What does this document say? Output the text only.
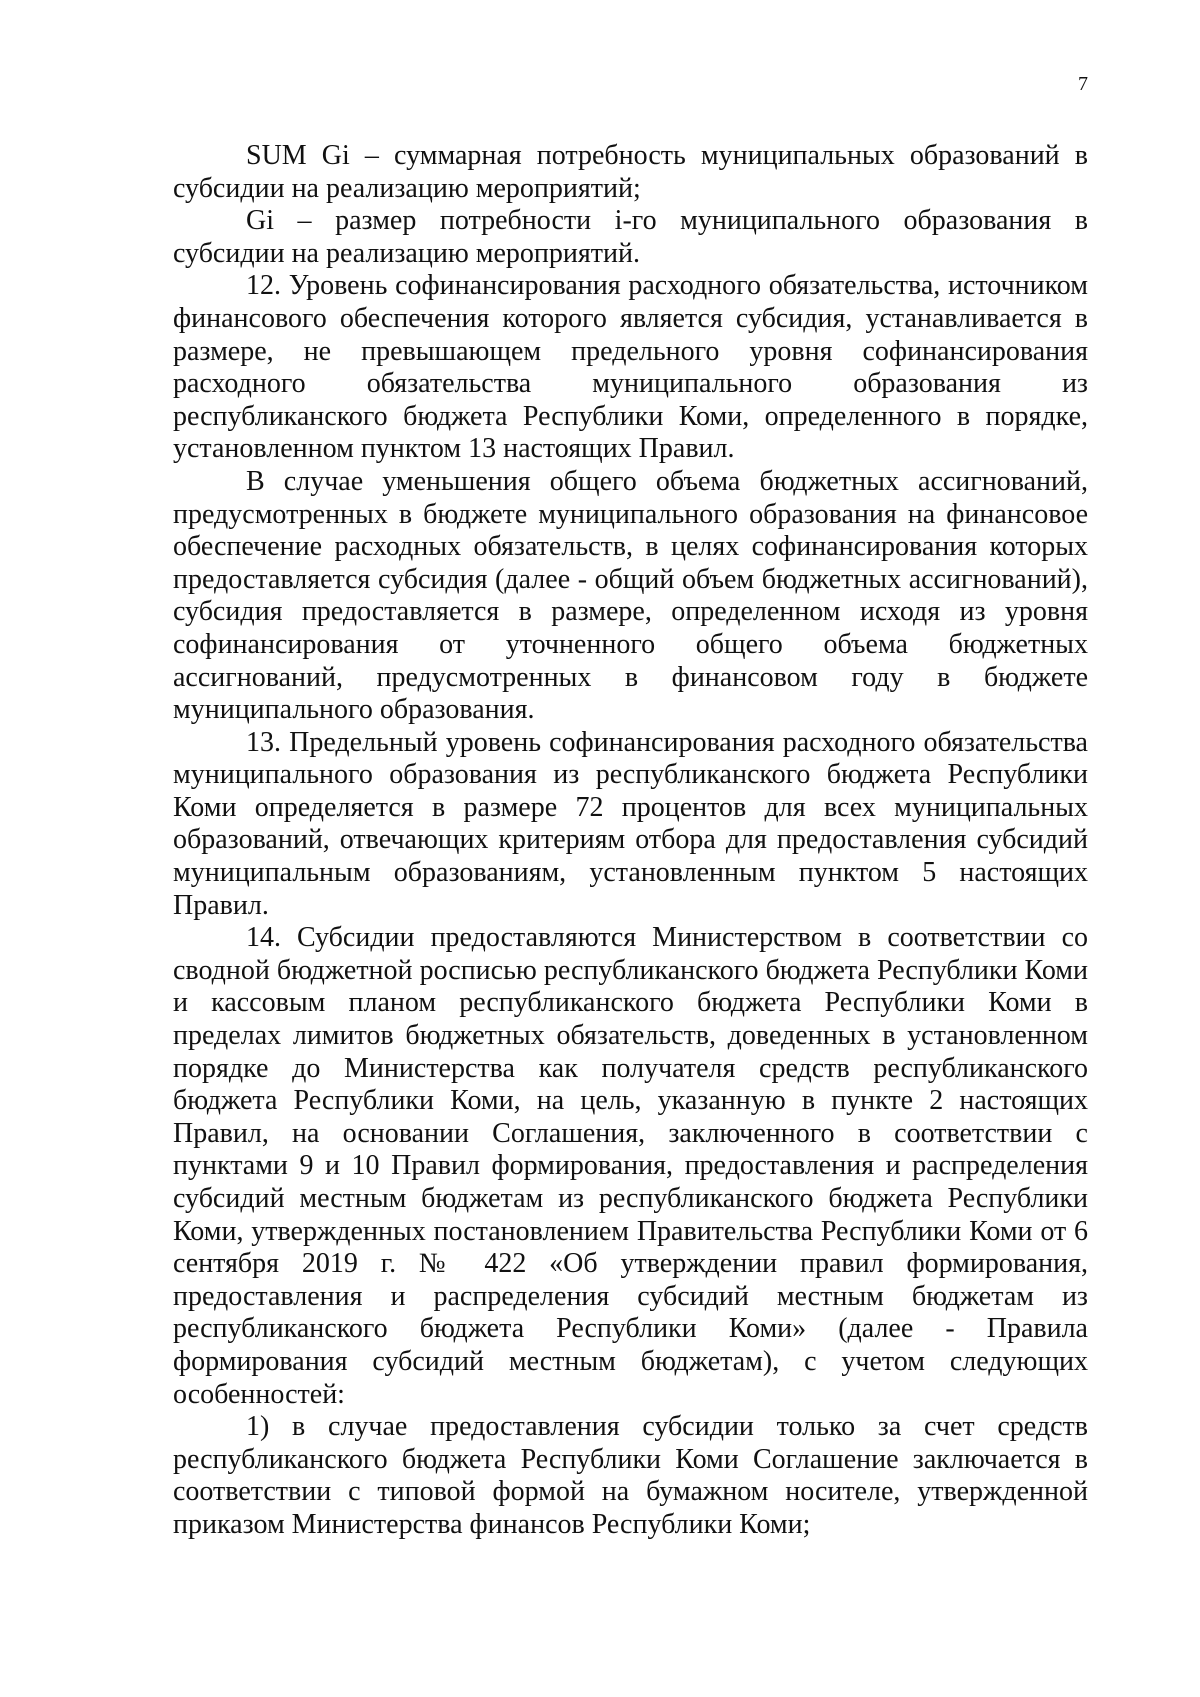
7

SUM Gi – суммарная потребность муниципальных образований в субсидии на реализацию мероприятий;

Gi – размер потребности i-го муниципального образования в субсидии на реализацию мероприятий.

12. Уровень софинансирования расходного обязательства, источником финансового обеспечения которого является субсидия, устанавливается в размере, не превышающем предельного уровня софинансирования расходного обязательства муниципального образования из республиканского бюджета Республики Коми, определенного в порядке, установленном пунктом 13 настоящих Правил.

В случае уменьшения общего объема бюджетных ассигнований, предусмотренных в бюджете муниципального образования на финансовое обеспечение расходных обязательств, в целях софинансирования которых предоставляется субсидия (далее - общий объем бюджетных ассигнований), субсидия предоставляется в размере, определенном исходя из уровня софинансирования от уточненного общего объема бюджетных ассигнований, предусмотренных в финансовом году в бюджете муниципального образования.

13. Предельный уровень софинансирования расходного обязательства муниципального образования из республиканского бюджета Республики Коми определяется в размере 72 процентов для всех муниципальных образований, отвечающих критериям отбора для предоставления субсидий муниципальным образованиям, установленным пунктом 5 настоящих Правил.

14. Субсидии предоставляются Министерством в соответствии со сводной бюджетной росписью республиканского бюджета Республики Коми и кассовым планом республиканского бюджета Республики Коми в пределах лимитов бюджетных обязательств, доведенных в установленном порядке до Министерства как получателя средств республиканского бюджета Республики Коми, на цель, указанную в пункте 2 настоящих Правил, на основании Соглашения, заключенного в соответствии с пунктами 9 и 10 Правил формирования, предоставления и распределения субсидий местным бюджетам из республиканского бюджета Республики Коми, утвержденных постановлением Правительства Республики Коми от 6 сентября 2019 г. № 422 «Об утверждении правил формирования, предоставления и распределения субсидий местным бюджетам из республиканского бюджета Республики Коми» (далее - Правила формирования субсидий местным бюджетам), с учетом следующих особенностей:

1) в случае предоставления субсидии только за счет средств республиканского бюджета Республики Коми Соглашение заключается в соответствии с типовой формой на бумажном носителе, утвержденной приказом Министерства финансов Республики Коми;
